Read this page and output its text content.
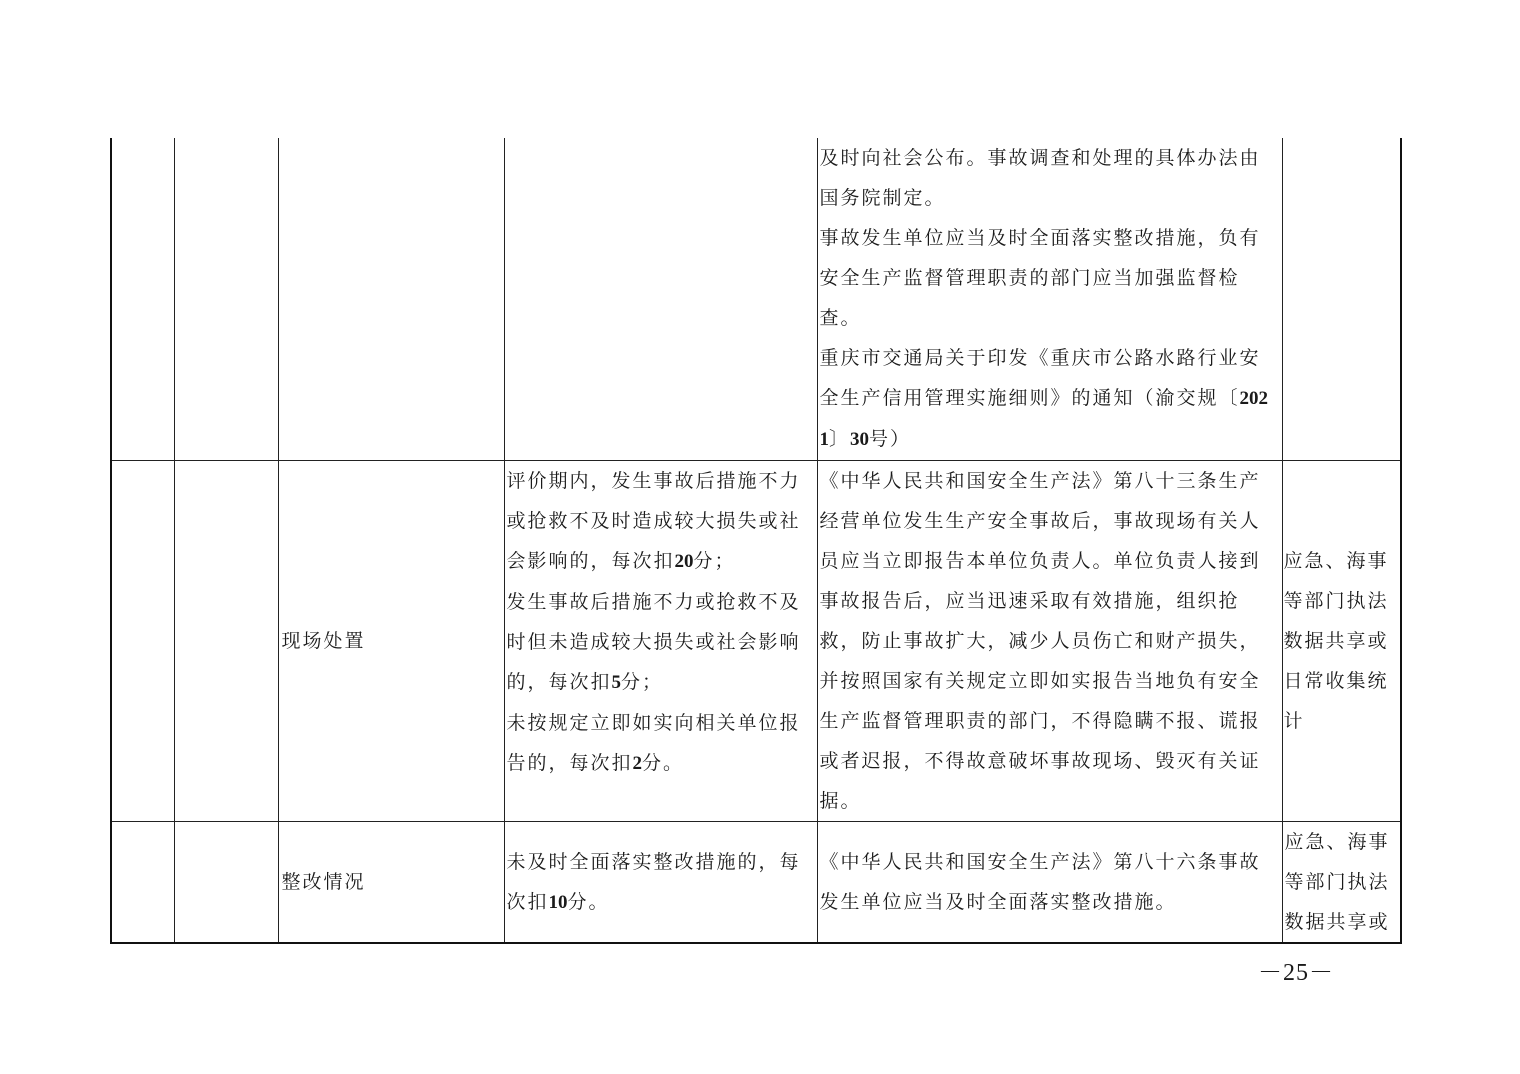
				及时向社会公布。事故调查和处理的具体办法由国务院制定。
事故发生单位应当及时全面落实整改措施，负有安全生产监督管理职责的部门应当加强监督检查。
重庆市交通局关于印发《重庆市公路水路行业安全生产信用管理实施细则》的通知（渝交规〔2021〕30号）	

		现场处置	评价期内，发生事故后措施不力或抢救不及时造成较大损失或社会影响的，每次扣20分；
发生事故后措施不力或抢救不及时但未造成较大损失或社会影响的，每次扣5分；
未按规定立即如实向相关单位报告的，每次扣2分。	《中华人民共和国安全生产法》第八十三条生产经营单位发生生产安全事故后，事故现场有关人员应当立即报告本单位负责人。单位负责人接到事故报告后，应当迅速采取有效措施，组织抢救，防止事故扩大，减少人员伤亡和财产损失，并按照国家有关规定立即如实报告当地负有安全生产监督管理职责的部门，不得隐瞒不报、谎报或者迟报，不得故意破坏事故现场、毁灭有关证据。	应急、海事等部门执法数据共享或日常收集统计
		整改情况	未及时全面落实整改措施的，每次扣10分。	《中华人民共和国安全生产法》第八十六条事故发生单位应当及时全面落实整改措施。	应急、海事等部门执法数据共享或
－25－
